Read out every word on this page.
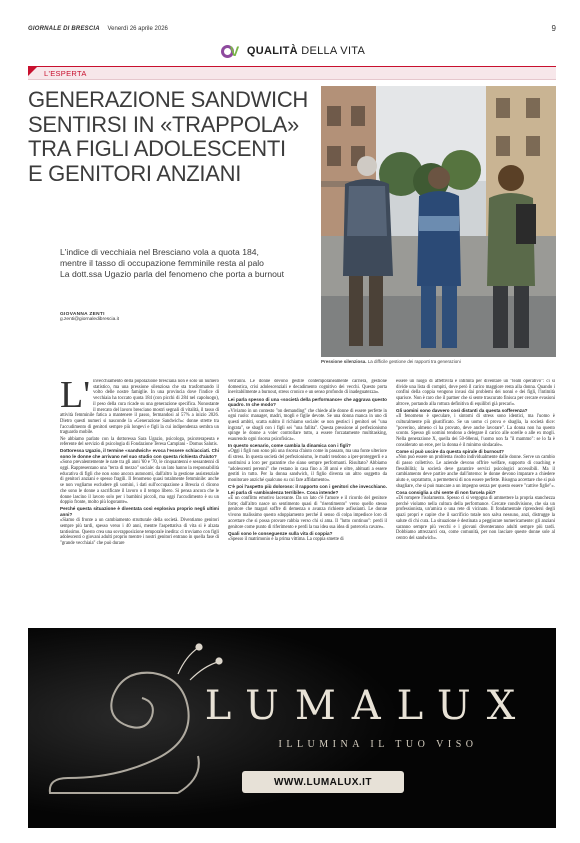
GIORNALE DI BRESCIA Venerdì 26 aprile 2026	9
V QUALITÀ DELLA VITA
L'ESPERTA
GENERAZIONE SANDWICH
SENTIRSI IN «TRAPPOLA»
TRA FIGLI ADOLESCENTI
E GENITORI ANZIANI
Pressione silenziosa. La difficile gestione dei rapporti tra generazioni
L'indice di vecchiaia nel Bresciano vola a quota 184,
mentre il tasso di occupazione femminile resta al palo
La dott.ssa Ugazio parla del fenomeno che porta a burnout
GIOVANNA ZENTI
g.zenti@giornaledibrescia.it

L' invecchiamento della popolazione bresciana non è solo un numero statistico, ma una pressione silenziosa che sta trasformando il volto delle nostre famiglie. In una provincia dove l'indice di vecchiaia ha toccato quota 184 (con picchi di 284 nel capoluogo), il peso della cura ricade su una generazione specifica. Nonostante il mercato del lavoro bresciano mostri segnali di vitalità, il tasso di attività femminile fatica a mantenere il passo, fermandosi al 57% a inizio 2026. Dietro questi numeri si nasconde la «Generazione Sandwich»: donne strette tra l'accudimento di genitori sempre più longevi e figli la cui indipendenza sembra un traguardo mobile.

Ne abbiamo parlato con la dottoressa Sara Ugazio, psicologa, psicoterapeuta e referente del servizio di psicologia di Fondazione Teresa Camplani - Domus Salutis.

Dottoressa Ugazio, il termine «sandwich» evoca l'essere schiacciati. Chi sono le donne che arrivano nel suo studio con questa richiesta d'aiuto?

«Sono prevalentemente le nate tra gli anni '60 e '70, le cinquantenni e sessantenni di oggi. Rappresentano una "terra di mezzo" sociale: da un lato hanno la responsabilità educativa di figli che non sono ancora autonomi, dall'altro la gestione assistenziale di genitori anziani e spesso fragili. Il fenomeno quasi totalmente femminile: anche se non vogliamo escludere gli uomini, i dati sull'occupazione a Brescia ci dicono che sono le donne a sacrificare il lavoro o il tempo libero. Si pensa ancora che le donne lascino il lavoro solo per i bambini piccoli, ma oggi l'accudimento è su un doppio fronte, molto più logorante».

Perché questa situazione è diventata così esplosiva proprio negli ultimi anni?

«Siamo di fronte a un cambiamento strutturale della società. Diventiamo genitori sempre più tardi, spesso verso i 40 anni, mentre l'aspettativa di vita si è alzata tantissimo. Questo crea una sovrapposizione temporale inedita: ci troviamo con figli adolescenti o giovani adulti proprio mentre i nostri genitori entrano in quella fase di "grande vecchiaia" che può durare

vent'anni. Le donne devono gestire contemporaneamente carriera, gestione domestica, crisi adolescenziali e decadimento cognitivo dei vecchi. Questo porta inevitabilmente a burnout, stress cronico e un senso profondo di inadeguatezza».

Lei parla spesso di una «società della performance» che aggrava questo quadro. In che modo?

«Viviamo in un contesto "on demanding" che chiede alle donne di essere perfette in ogni ruolo: manager, madri, mogli e figlie devote. Se una donna manca in uno di questi ambiti, scatta subito il richiamo sociale: se non gestisci i genitori sei "una ingrata", se sbagli con i figli sei "una fallita". Questa pressione al perfezionismo spinge le donne a voler controllare tutto, a essere forzatamente multitasking, esaurendo ogni risorsa psicofisica».

In questo scenario, come cambia la dinamica con i figli?

«Oggi i figli non sono più una risorsa d'aiuto come in passato, ma una fonte ulteriore di stress. In questa società del perfezionismo, le madri tendono a iper-proteggerli e a sostituirsi a loro per garantire che siano sempre performanti. Risultato? Abbiamo "adolescenti perenni" che restano in casa fino a 30 anni e oltre, abituati a essere gestiti in tutto. Per la donna sandwich, il figlio diventa un altro soggetto da monitorare anziché qualcuno su cui fare affidamento».

C'è poi l'aspetto più doloroso: il rapporto con i genitori che invecchiano. Lei parla di «ambivalenza terribile». Cosa intende?

«È un conflitto emotivo lacerante. Da un lato c'è l'amore e il ricordo del genitore forte; dall'altro nasce un sentimento quasi di "risentimento" verso quello stesso genitore che magari soffre di demenza o avanza richieste asfissianti. Le donne vivono malissimo questo sdoppiamento perché il senso di colpa impedisce loro di accettare che si possa provare rabbia verso chi si ama. Il "lutto continuo": perdi il genitore come punto di riferimento e perdi la tua idea sua idea di potercela cavare».

Quali sono le conseguenze sulla vita di coppia?

«Spesso il matrimonio è la prima vittima. La coppia smette di

essere un luogo di affettività e intimità per diventare un "team operativo": ci si divide una lista di compiti, dove però il carico maggiore resta alla donna. Quando i confini della coppia vengono invasi dai problemi dei nonni e dei figli, l'intimità sparisce. Non è raro che il partner che si sente trascurato finisca per cercare evasioni altrove, portando alla rottura definitiva di equilibri già precari».

Gli uomini sono davvero così distanti da questa sofferenza?

«Il fenomeno è speculare, i sintomi di stress sono identici, ma l'uomo è culturalmente più giustificato. Se un uomo ci prova e sbaglia, la società dice: "poverino, almeno ci ha provato, deve anche lavorare". La donna non ha questo sconto. Spesso gli uomini tendono a delegare il carico alle sorelle o alle ex mogli. Nella generazione X, quella dei 50-60enni, l'uomo non fa "il mammo": se lo fa è considerato un eroe, per la donna è il minimo sindacale».

Come si può uscire da questa spirale di burnout?

«Non può essere un problema risolto individualmente dalle donne. Serve un cambio di passo collettivo. Le aziende devono offrire welfare, supporto di coaching e flessibilità; la società deve garantire servizi psicologici accessibili. Ma il cambiamento deve partire anche dall'interno: le donne devono imparare a chiedere aiuto e, soprattutto, a permettersi di non essere perfette. Bisogna accettare che si può sbagliare, che si può mancare a un impegno senza per questo essere "cattive figlie"».

Cosa consiglia a chi sente di non farcela più?

«Di rompere l'isolamento. Spesso ci si vergogna di ammettere la propria stanchezza perché violamo nella cultura della performance. Cercate condivisione, che sia un professionista, un'amica o una rete di vicinato. Il fondamentale riprendersi degli spazi propri e capire che il sacrificio totale non salva nessuno, anzi, distrugge la salute di chi cura. La situazione è destinata a peggiorare numericamente: gli anziani saranno sempre più vecchi e i giovani diventeranno adulti sempre più tardi. Dobbiamo attrezzarci ora, come comunità, per non lasciare queste donne sole al centro del sandwich».

LUMALUX
ILLUMINA IL TUO VISO
WWW.LUMALUX.IT
